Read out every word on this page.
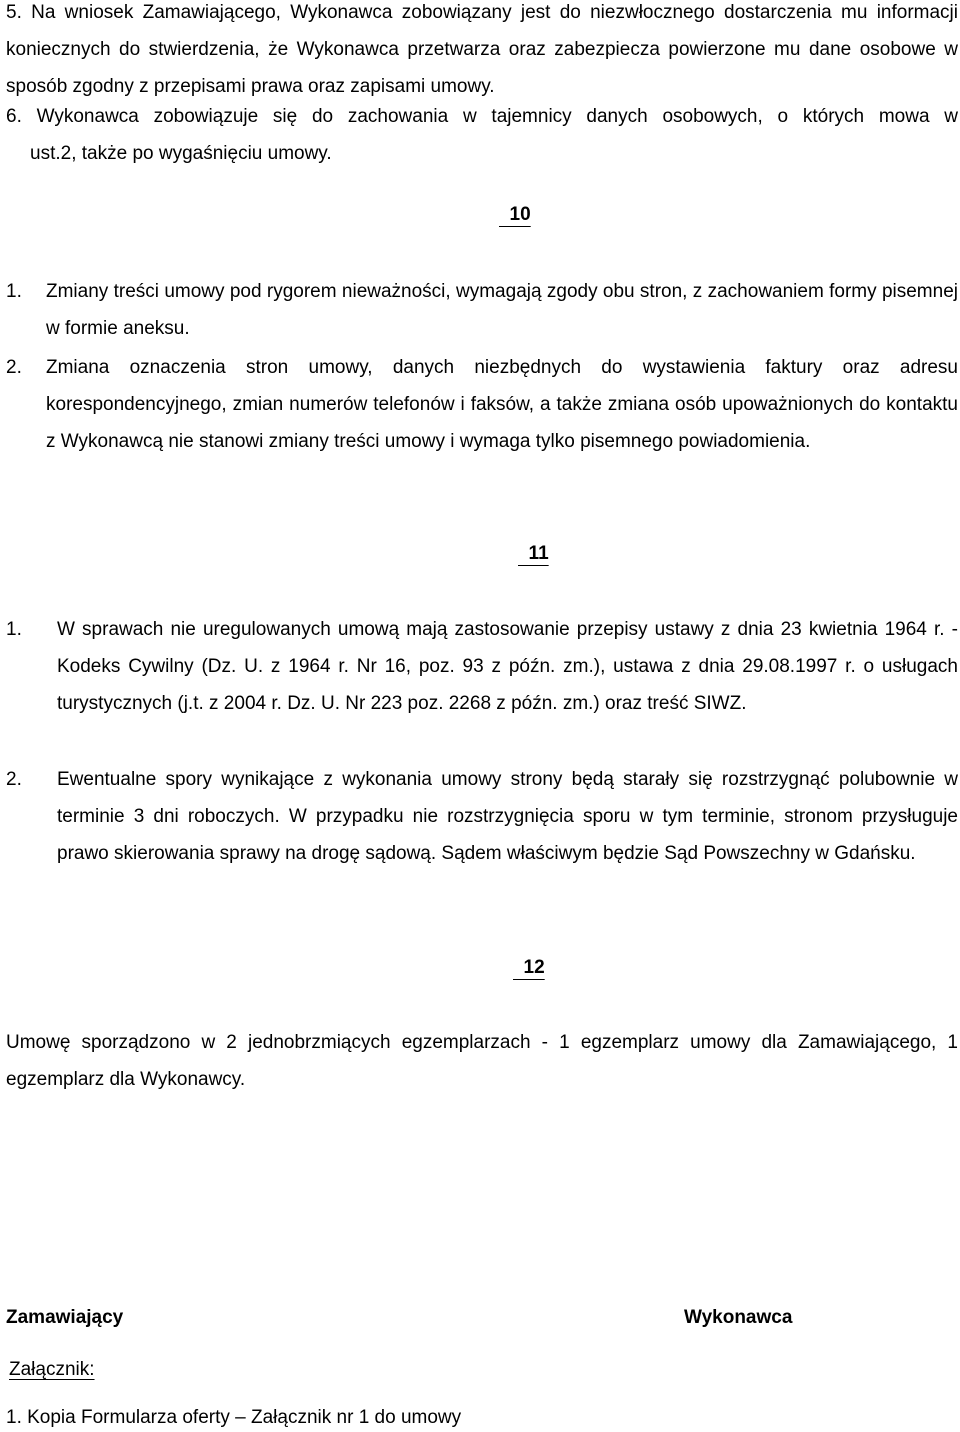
5. Na wniosek Zamawiającego, Wykonawca zobowiązany jest do niezwłocznego dostarczenia mu informacji koniecznych do stwierdzenia, że Wykonawca przetwarza oraz zabezpiecza powierzone mu dane osobowe w sposób zgodny z przepisami prawa oraz zapisami umowy.
6. Wykonawca zobowiązuje się do zachowania w tajemnicy danych osobowych, o których mowa w
ust.2, także po wygaśnięciu umowy.
10
1. Zmiany treści umowy pod rygorem nieważności, wymagają zgody obu stron, z zachowaniem formy pisemnej w formie aneksu.
2. Zmiana oznaczenia stron umowy, danych niezbędnych do wystawienia faktury oraz adresu korespondencyjnego, zmian numerów telefonów i faksów, a także zmiana osób upoważnionych do kontaktu z Wykonawcą nie stanowi zmiany treści umowy i wymaga tylko pisemnego powiadomienia.
11
1. W sprawach nie uregulowanych umową mają zastosowanie przepisy ustawy z dnia 23 kwietnia 1964 r. - Kodeks Cywilny (Dz. U. z 1964 r. Nr 16, poz. 93 z późn. zm.), ustawa z dnia 29.08.1997 r. o usługach turystycznych (j.t. z 2004 r. Dz. U. Nr 223 poz. 2268 z późn. zm.) oraz treść SIWZ.
2. Ewentualne spory wynikające z wykonania umowy strony będą starały się rozstrzygnąć polubownie w terminie 3 dni roboczych. W przypadku nie rozstrzygnięcia sporu w tym terminie, stronom przysługuje prawo skierowania sprawy na drogę sądową. Sądem właściwym będzie Sąd Powszechny w Gdańsku.
12
Umowę sporządzono w 2 jednobrzmiących egzemplarzach - 1 egzemplarz umowy dla Zamawiającego, 1 egzemplarz dla Wykonawcy.
Zamawiający	Wykonawca
Załącznik:
1. Kopia Formularza oferty – Załącznik nr 1 do umowy
